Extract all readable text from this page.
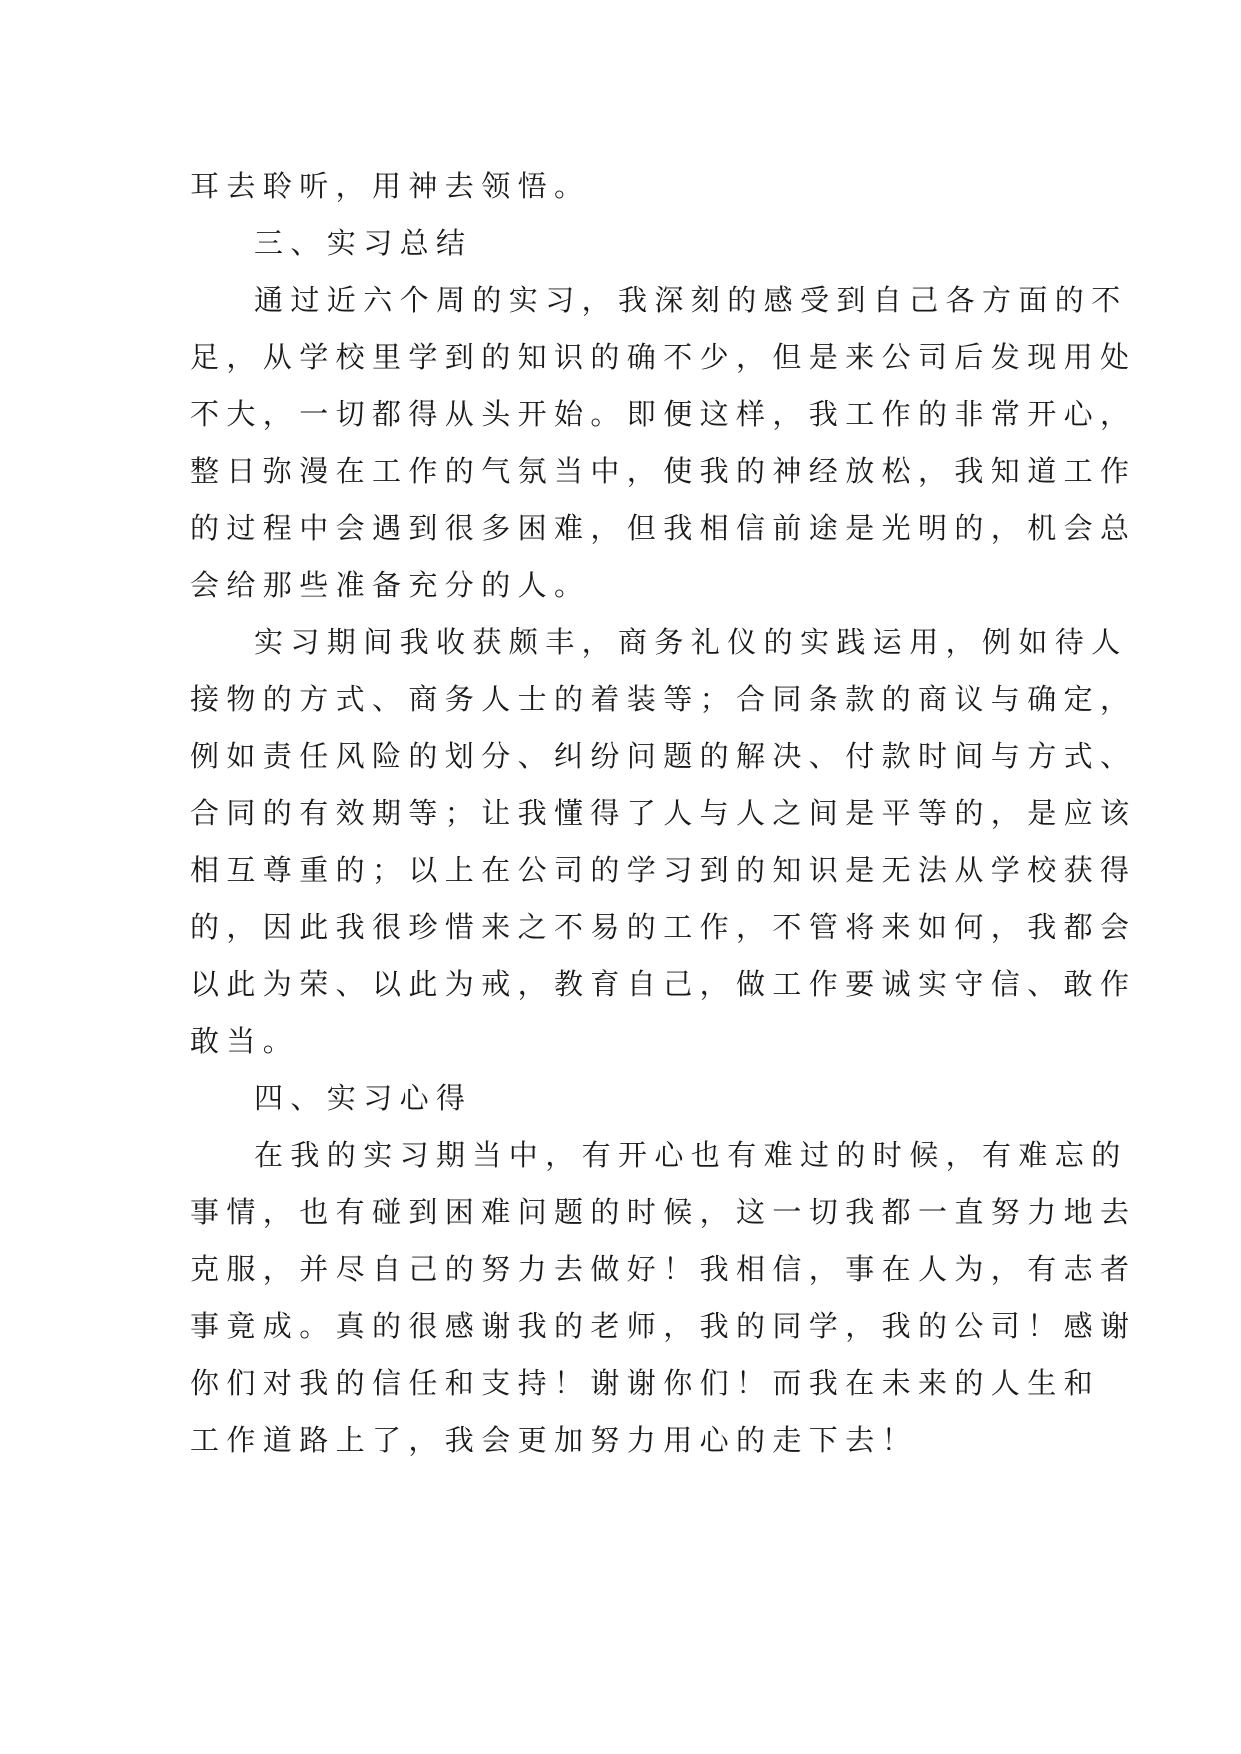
耳去聆听，用神去领悟。
三、实习总结
通过近六个周的实习，我深刻的感受到自己各方面的不
足，从学校里学到的知识的确不少，但是来公司后发现用处
不大，一切都得从头开始。即便这样，我工作的非常开心，
整日弥漫在工作的气氛当中，使我的神经放松，我知道工作
的过程中会遇到很多困难，但我相信前途是光明的，机会总
会给那些准备充分的人。
实习期间我收获颇丰，商务礼仪的实践运用，例如待人
接物的方式、商务人士的着装等；合同条款的商议与确定，
例如责任风险的划分、纠纷问题的解决、付款时间与方式、
合同的有效期等；让我懂得了人与人之间是平等的，是应该
相互尊重的；以上在公司的学习到的知识是无法从学校获得
的，因此我很珍惜来之不易的工作，不管将来如何，我都会
以此为荣、以此为戒，教育自己，做工作要诚实守信、敢作
敢当。
四、实习心得
在我的实习期当中，有开心也有难过的时候，有难忘的
事情，也有碰到困难问题的时候，这一切我都一直努力地去
克服，并尽自己的努力去做好！我相信，事在人为，有志者
事竟成。真的很感谢我的老师，我的同学，我的公司！感谢
你们对我的信任和支持！谢谢你们！而我在未来的人生和
工作道路上了，我会更加努力用心的走下去！
